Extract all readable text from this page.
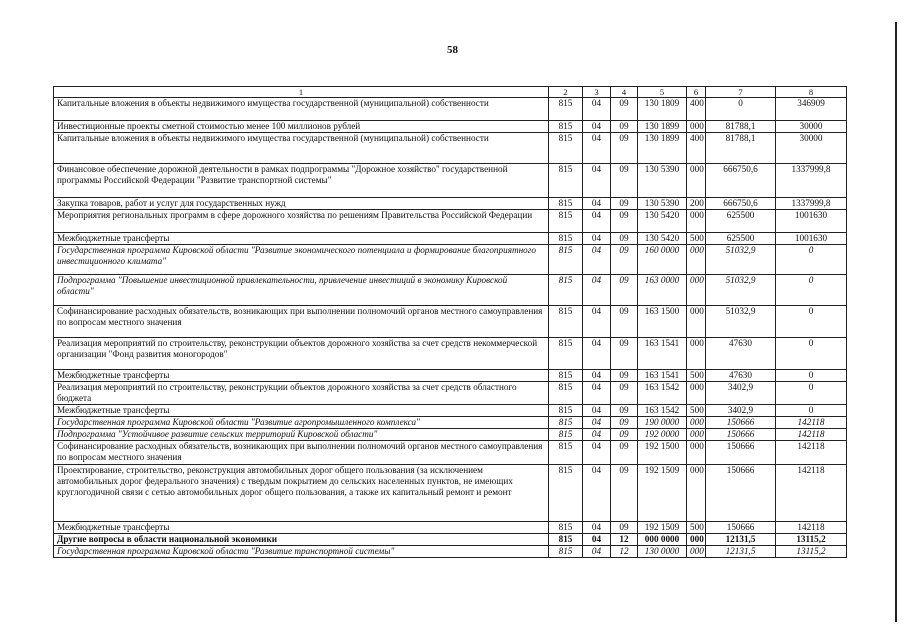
58
1	2	3	4	5	6	7	8
Капитальные вложения в объекты недвижимого имущества государственной (муниципальной) собственности	815	04	09	130 1809	400	0	346909
Инвестиционные проекты сметной стоимостью менее 100 миллионов рублей	815	04	09	130 1899	000	81788,1	30000
Капитальные вложения в объекты недвижимого имущества государственной (муниципальной) собственности	815	04	09	130 1899	400	81788,1	30000
Финансовое обеспечение дорожной деятельности в рамках подпрограммы "Дорожное хозяйство" государственной программы Российской Федерации "Развитие транспортной системы"	815	04	09	130 5390	000	666750,6	1337999,8
Закупка товаров, работ и услуг для государственных нужд	815	04	09	130 5390	200	666750,6	1337999,8
Мероприятия региональных программ в сфере дорожного хозяйства по решениям Правительства Российской Федерации	815	04	09	130 5420	000	625500	1001630
Межбюджетные трансферты	815	04	09	130 5420	500	625500	1001630
Государственная программа Кировской области "Развитие экономического потенциала и формирование благоприятного инвестиционного климата"	815	04	09	160 0000	000	51032,9	0
Подпрограмма "Повышение инвестиционной привлекательности, привлечение инвестиций в экономику Кировской области"	815	04	09	163 0000	000	51032,9	0
Софинансирование расходных обязательств, возникающих при выполнении полномочий органов местного самоуправления по вопросам местного значения	815	04	09	163 1500	000	51032,9	0
Реализация мероприятий по строительству, реконструкции объектов дорожного хозяйства за счет средств некоммерческой организации "Фонд развития моногородов"	815	04	09	163 1541	000	47630	0
Межбюджетные трансферты	815	04	09	163 1541	500	47630	0
Реализация мероприятий по строительству, реконструкции объектов дорожного хозяйства за счет средств областного бюджета	815	04	09	163 1542	000	3402,9	0
Межбюджетные трансферты	815	04	09	163 1542	500	3402,9	0
Государственная программа Кировской области "Развитие агропромышленного комплекса"	815	04	09	190 0000	000	150666	142118
Подпрограмма "Устойчивое развитие сельских территорий Кировской области"	815	04	09	192 0000	000	150666	142118
Софинансирование расходных обязательств, возникающих при выполнении полномочий органов местного самоуправления по вопросам местного значения	815	04	09	192 1500	000	150666	142118
Проектирование, строительство, реконструкция автомобильных дорог общего пользования (за исключением автомобильных дорог федерального значения) с твердым покрытием до сельских населенных пунктов, не имеющих круглогодичной связи с сетью автомобильных дорог общего пользования, а также их капитальный ремонт и ремонт	815	04	09	192 1509	000	150666	142118
Межбюджетные трансферты	815	04	09	192 1509	500	150666	142118
Другие вопросы в области национальной экономики	815	04	12	000 0000	000	12131,5	13115,2
Государственная программа Кировской области "Развитие транспортной системы"	815	04	12	130 0000	000	12131,5	13115,2
